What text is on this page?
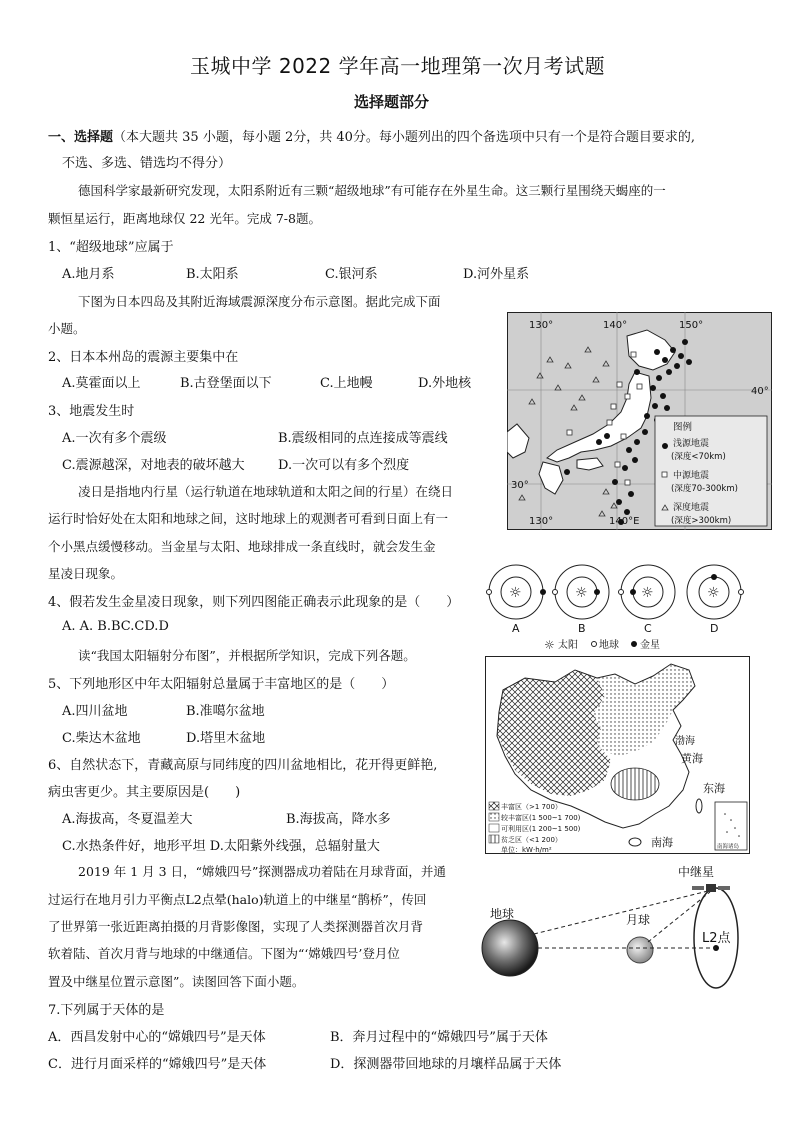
玉城中学 2022 学年高一地理第一次月考试题
选择题部分
一、选择题（本大题共 35 小题，每小题 2分，共 40分。每小题列出的四个备选项中只有一个是符合题目要求的,
不选、多选、错选均不得分）
德国科学家最新研究发现，太阳系附近有三颗“超级地球”有可能存在外星生命。这三颗行星围绕天蝎座的一
颗恒星运行，距离地球仅 22 光年。完成 7-8题。
1、“超级地球”应属于
A.地月系	B.太阳系	C.银河系	D.河外星系
下图为日本四岛及其附近海域震源深度分布示意图。据此完成下面
小题。
2、日本本州岛的震源主要集中在
A.莫霍面以上	B.古登堡面以下	C.上地幔	D.外地核
3、地震发生时
A.一次有多个震级	B.震级相同的点连接成等震线
C.震源越深，对地表的破坏越大	D.一次可以有多个烈度
凌日是指地内行星（运行轨道在地球轨道和太阳之间的行星）在绕日
运行时恰好处在太阳和地球之间，这时地球上的观测者可看到日面上有一
个小黑点缓慢移动。当金星与太阳、地球排成一条直线时，就会发生金
星凌日现象。
4、假若发生金星凌日现象，则下列四图能正确表示此现象的是（　　）
A. A. B.BC.CD.D
读“我国太阳辐射分布图”，并根据所学知识，完成下列各题。
5、下列地形区中年太阳辐射总量属于丰富地区的是（　　）
A.四川盆地	B.准噶尔盆地
C.柴达木盆地	D.塔里木盆地
6、自然状态下，青藏高原与同纬度的四川盆地相比，花开得更鲜艳,
病虫害更少。其主要原因是(　　)
A.海拔高，冬夏温差大	B.海拔高，降水多
C.水热条件好，地形平坦 D.太阳紫外线强，总辐射量大
2019 年 1 月 3 日，“嫦娥四号”探测器成功着陆在月球背面，并通
过运行在地月引力平衡点L2点晕(halo)轨道上的中继星“鹊桥”，传回
了世界第一张近距离拍摄的月背影像图，实现了人类探测器首次月背
软着陆、首次月背与地球的中继通信。下图为“‘嫦娥四号’登月位
置及中继星位置示意图”。读图回答下面小题。
7.下列属于天体的是
A．西昌发射中心的“嫦娥四号”是天体	B．奔月过程中的“嫦娥四号”属于天体
C．进行月面采样的“嫦娥四号”是天体	D．探测器带回地球的月壤样品属于天体
130°	140°	150°
130°	140°E
40°
30°
图例
浅源地震
(深度<70km)
中源地震
(深度70-300km)
深度地震
(深度>300km)
☼	☼	☼	☼
A	B	C	D
☼ 太阳 地球 金星
南海诸岛
渤海
黄海
东海
南海
丰富区（>1 700）
较丰富区(1 500~1 700)
可利用区(1 200~1 500)
贫乏区（<1 200）
单位：kW·h/m²
中继星
地球	月球
L2点
